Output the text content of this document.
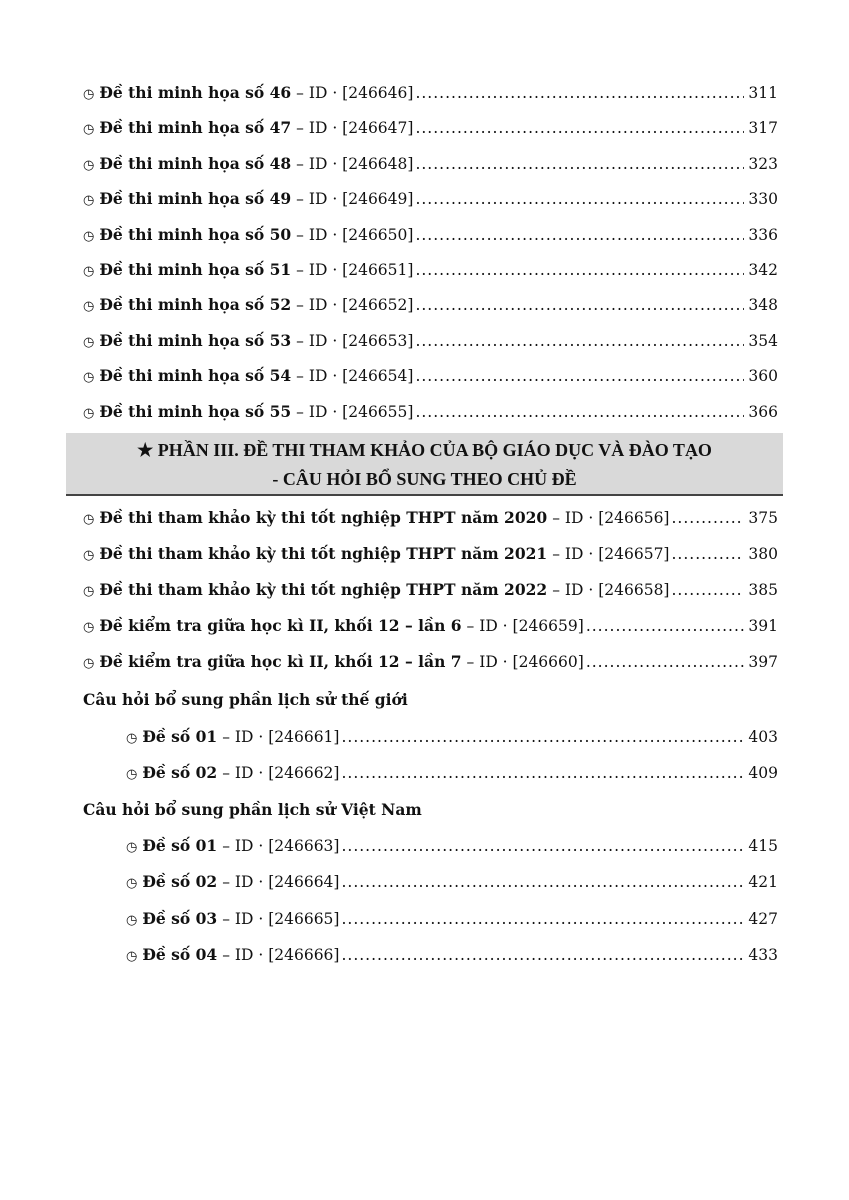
◷ Đề thi minh họa số 46 – ID · [246646] .....	311
◷ Đề thi minh họa số 47 – ID · [246647] .....	317
◷ Đề thi minh họa số 48 – ID · [246648] .....	323
◷ Đề thi minh họa số 49 – ID · [246649] .....	330
◷ Đề thi minh họa số 50 – ID · [246650] .....	336
◷ Đề thi minh họa số 51 – ID · [246651] .....	342
◷ Đề thi minh họa số 52 – ID · [246652] .....	348
◷ Đề thi minh họa số 53 – ID · [246653] .....	354
◷ Đề thi minh họa số 54 – ID · [246654] .....	360
◷ Đề thi minh họa số 55 – ID · [246655] .....	366
◷ Đề thi tham khảo kỳ thi tốt nghiệp THPT năm 2020 – ID · [246656] .....	375
◷ Đề thi tham khảo kỳ thi tốt nghiệp THPT năm 2021 – ID · [246657] .....	380
◷ Đề thi tham khảo kỳ thi tốt nghiệp THPT năm 2022 – ID · [246658] .....	385
◷ Đề kiểm tra giữa học kì II, khối 12 – lần 6 – ID · [246659] .....	391
◷ Đề kiểm tra giữa học kì II, khối 12 – lần 7 – ID · [246660] .....	397
Câu hỏi bổ sung phần lịch sử thế giới
◷ Đề số 01 – ID · [246661] .....	403
◷ Đề số 02 – ID · [246662] .....	409
Câu hỏi bổ sung phần lịch sử Việt Nam
◷ Đề số 01 – ID · [246663] .....	415
◷ Đề số 02 – ID · [246664] .....	421
◷ Đề số 03 – ID · [246665] .....	427
◷ Đề số 04 – ID · [246666] .....	433
★ PHẦN III. ĐỀ THI THAM KHẢO CỦA BỘ GIÁO DỤC VÀ ĐÀO TẠO
- CÂU HỎI BỔ SUNG THEO CHỦ ĐỀ
